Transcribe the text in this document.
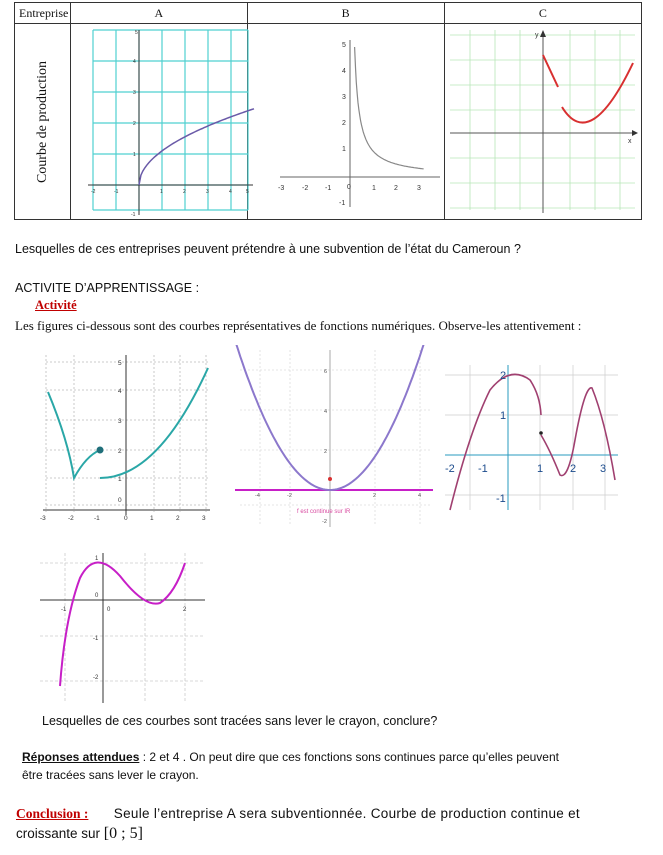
Entreprise	A	B	C

Courbe de production			

-2	-1	1	2	3	4	5
1
2
3
4
5
-1
-3	-2 -1 0	1	2	3
5
4
3
2
1
-1
y
x
Lesquelles de ces entreprises peuvent prétendre à une subvention de l’état du Cameroun ?
ACTIVITE D’APPRENTISSAGE :
Activité
Les figures ci-dessous sont des courbes représentatives de fonctions numériques. Observe-les attentivement :
-3	-2	-1	0	1	2	3
5
4
3
2
1
0
-4	-2	2	4
6
4
2
-2
f est continue sur IR
-2 -1	1 2 3
2
1
-1
-1	0	2
1
0
-1
-2
Lesquelles de ces courbes sont tracées sans lever le crayon, conclure?
Réponses attendues : 2 et 4 . On peut dire que ces fonctions sons continues parce qu’elles peuvent
être tracées sans lever le crayon.
Conclusion : Seule l’entreprise A sera subventionnée. Courbe de production continue et
croissante sur [0 ; 5]
